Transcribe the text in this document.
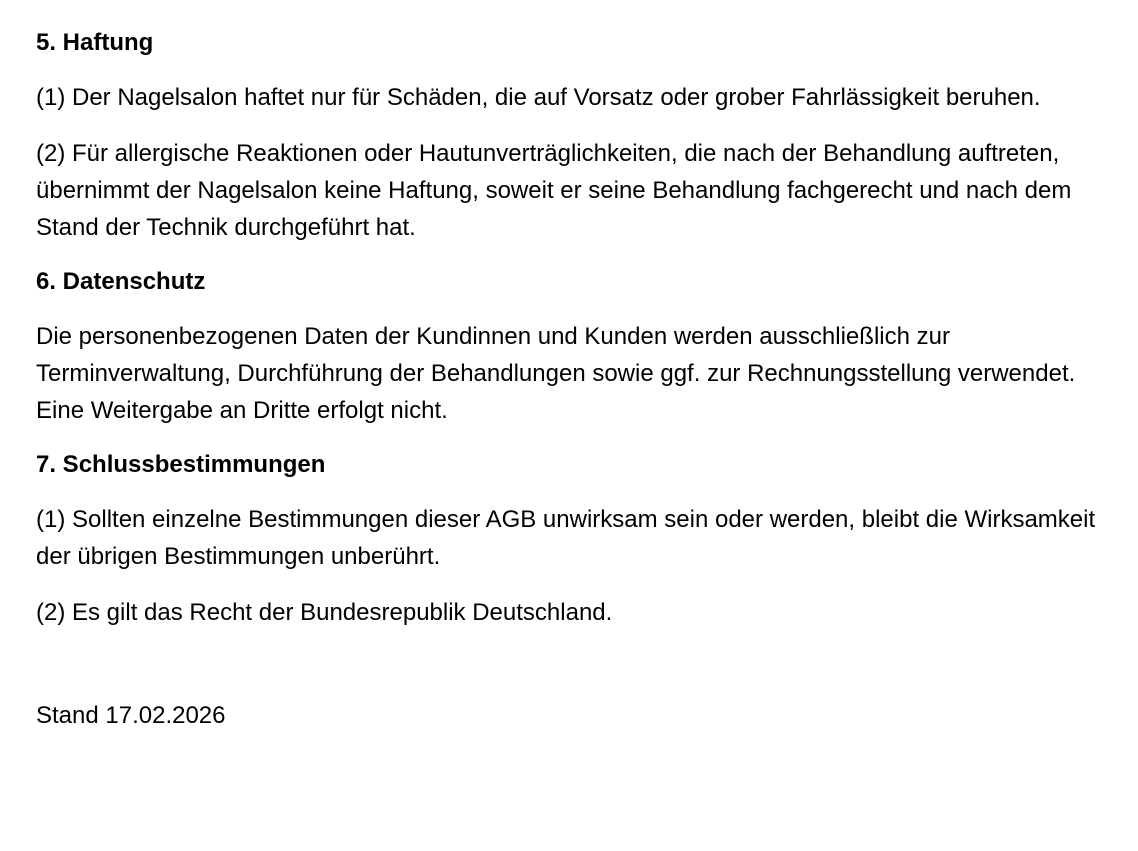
5. Haftung
(1) Der Nagelsalon haftet nur für Schäden, die auf Vorsatz oder grober Fahrlässigkeit beruhen.
(2) Für allergische Reaktionen oder Hautunverträglichkeiten, die nach der Behandlung auftreten, übernimmt der Nagelsalon keine Haftung, soweit er seine Behandlung fachgerecht und nach dem Stand der Technik durchgeführt hat.
6. Datenschutz
Die personenbezogenen Daten der Kundinnen und Kunden werden ausschließlich zur Terminverwaltung, Durchführung der Behandlungen sowie ggf. zur Rechnungsstellung verwendet. Eine Weitergabe an Dritte erfolgt nicht.
7. Schlussbestimmungen
(1) Sollten einzelne Bestimmungen dieser AGB unwirksam sein oder werden, bleibt die Wirksamkeit der übrigen Bestimmungen unberührt.
(2) Es gilt das Recht der Bundesrepublik Deutschland.
Stand 17.02.2026
